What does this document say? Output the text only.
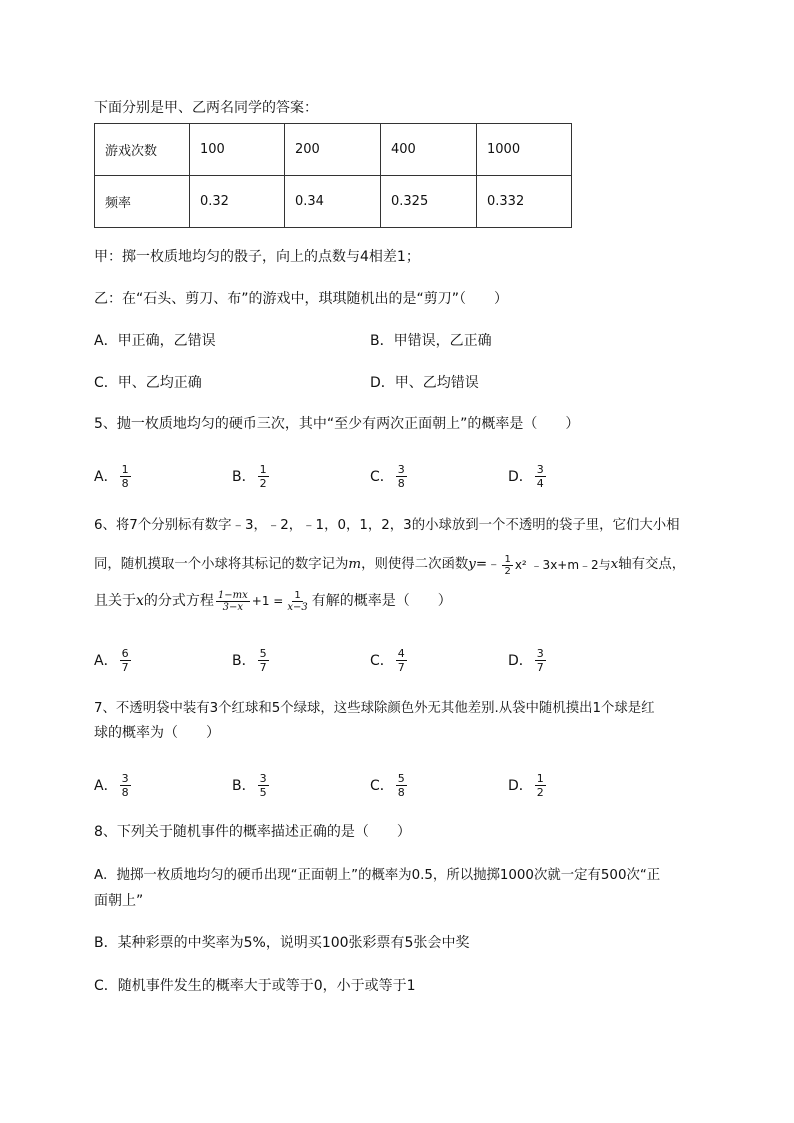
下面分别是甲、乙两名同学的答案：
游戏次数	100	200	400	1000
频率	0.32	0.34	0.325	0.332
甲：掷一枚质地均匀的骰子，向上的点数与4相差1；
乙：在“石头、剪刀、布”的游戏中，琪琪随机出的是“剪刀”（　　）
A．甲正确，乙错误	B．甲错误，乙正确
C．甲、乙均正确	D．甲、乙均错误
5、抛一枚质地均匀的硬币三次，其中“至少有两次正面朝上”的概率是（　　）
A． $\frac{1}{8}$	B． $\frac{1}{2}$	C． $\frac{3}{8}$	D． $\frac{3}{4}$
6、将7个分别标有数字﹣3，﹣2，﹣1，0，1，2，3的小球放到一个不透明的袋子里，它们大小相
同，随机摸取一个小球将其标记的数字记为 m ，则使得二次函数 y =﹣ $\frac{1}{2} x^2$ ﹣3x+m﹣2与 x 轴有交点，
且关于 x 的分式方程 $\frac{1-mx}{3-x} +1 = \frac{1}{x-3}$ 有解的概率是（　　）
A． $\frac{6}{7}$	B． $\frac{5}{7}$	C． $\frac{4}{7}$	D． $\frac{3}{7}$
7、不透明袋中装有3个红球和5个绿球，这些球除颜色外无其他差别.从袋中随机摸出1个球是红
球的概率为（　　）
A． $\frac{3}{8}$	B． $\frac{3}{5}$	C． $\frac{5}{8}$	D． $\frac{1}{2}$
8、下列关于随机事件的概率描述正确的是（　　）
A．抛掷一枚质地均匀的硬币出现“正面朝上”的概率为0.5，所以抛掷1000次就一定有500次“正
面朝上”
B．某种彩票的中奖率为5%，说明买100张彩票有5张会中奖
C．随机事件发生的概率大于或等于0，小于或等于1
